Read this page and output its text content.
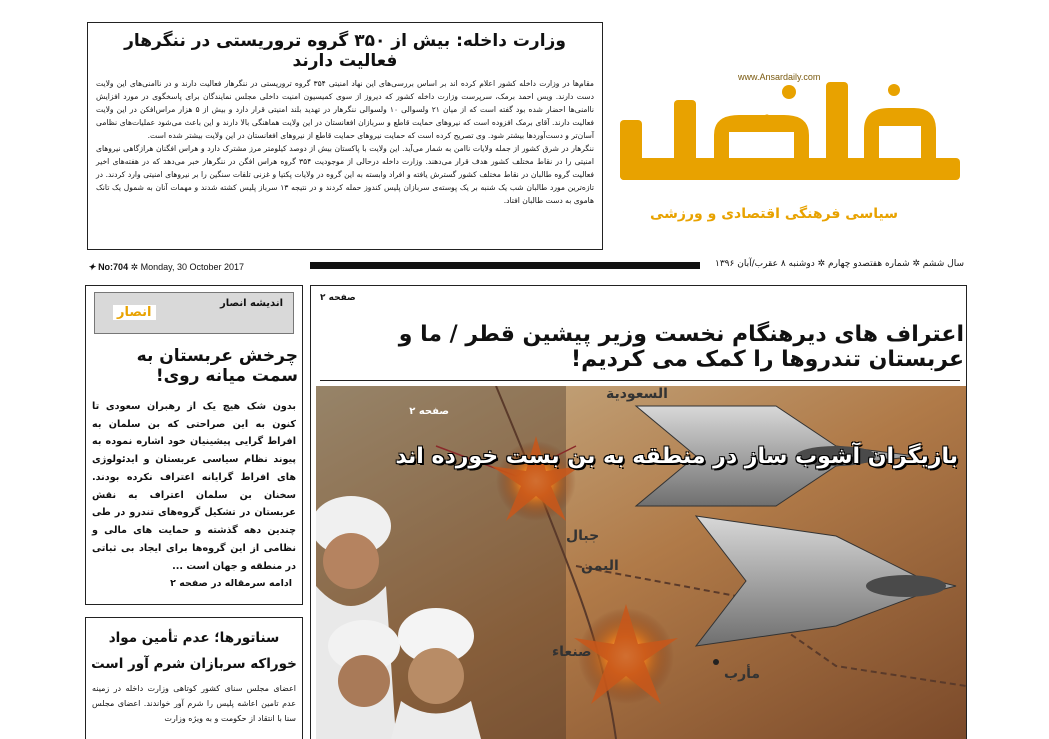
وزارت داخله: بیش از ۳۵۰ گروه تروریستی در ننگرهار فعالیت دارند

مقام‌ها در وزارت داخله کشور اعلام کرده اند بر اساس بررسی‌های این نهاد امنیتی ۳۵۴ گروه تروریستی در ننگرهار فعالیت دارند و در ناامنی‌های این ولایت دست دارند. ویس احمد برمک، سرپرست وزارت داخله کشور که دیروز از سوی کمیسیون امنیت داخلی مجلس نمایندگان برای پاسخگوی در مورد افزایش ناامنی‌ها احضار شده بود گفته است که از میان ۲۱ ولسوالی ۱۰ ولسوالی ننگرهار در تهدید بلند امنیتی قرار دارد و بیش از ۵ هزار مراس‌افکن در این ولایت فعالیت دارند. آقای برمک افزوده است که نیروهای حمایت قاطع و سربازان افغانستان در این ولایت هماهنگی بالا دارند و این باعث می‌شود عملیات‌های نظامی آسان‌تر و دست‌آوردها بیشتر شود. وی تصریح کرده است که حمایت نیروهای حمایت قاطع از نیروهای افغانستان در این ولایت بیشتر شده است.

ننگرهار در شرق کشور از جمله ولایات ناامن به شمار می‌آید. این ولایت با پاکستان بیش از دوصد کیلومتر مرز مشترک دارد و هراس افگنان هراز‌گاهی نیروهای امنیتی را در نقاط مختلف کشور هدف قرار می‌دهند. وزارت داخله درحالی از موجودیت ۳۵۴ گروه هراس افگن در ننگرهار خبر می‌دهد که در هفته‌های اخیر فعالیت گروه طالبان در نقاط مختلف کشور گسترش یافته و افراد وابسته به این گروه در ولایات پکتیا و غزنی تلفات سنگین را بر نیروهای امنیتی وارد کردند. در تازه‌ترین مورد طالبان شب یک شنبه بر یک پوسته‌ی سربازان پلیس کندوز حمله کردند و در نتیجه ۱۳ سرباز پلیس کشته شدند و مهمات آنان به شمول یک تانک هاموی به دست طالبان افتاد.

www.Ansardaily.com
سیاسی فرهنگی اقتصادی و ورزشی
✦ No:704 ✲ Monday, 30 October 2017	سال ششم ✲ شماره هفتصدو چهارم ✲ دوشنبه ۸ عقرب/آبان ۱۳۹۶
اندیشه انصار
انصار
چرخش عربستان به سمت میانه روی!
بدون شک هیچ یک از رهبران سعودی تا کنون به این صراحتی که بن سلمان به افراط گرایی پیشینیان خود اشاره نموده به پیوند نظام سیاسی عربستان و ایدئولوژی های افراط گرایانه اعتراف نکرده بودند. سخنان بن سلمان اعتراف به نقش عربستان در تشکیل گروه‌های تندرو در طی چندین دهه گذشته و حمایت های مالی و نظامی از این گروه‌ها برای ایجاد بی ثباتی در منطقه و جهان است ...
ادامه سرمقاله در صفحه ۲
سناتورها؛ عدم تأمین مواد خوراکه سربازان شرم آور است
اعضای مجلس سنای کشور کوتاهی وزارت داخله در زمینه عدم تامین اعاشه پلیس را شرم آور خواندند. اعضای مجلس سنا با انتقاد از حکومت و به ویژه وزارت
صفحه ۲
اعتراف های دیرهنگام نخست وزیر پیشین قطر / ما و عربستان تندروها را کمک می کردیم!
السعودية
جبال
اليمن
صنعاء
مأرب
صفحه ۲
بازیگران آشوب ساز در منطقه به بن بست خورده اند
